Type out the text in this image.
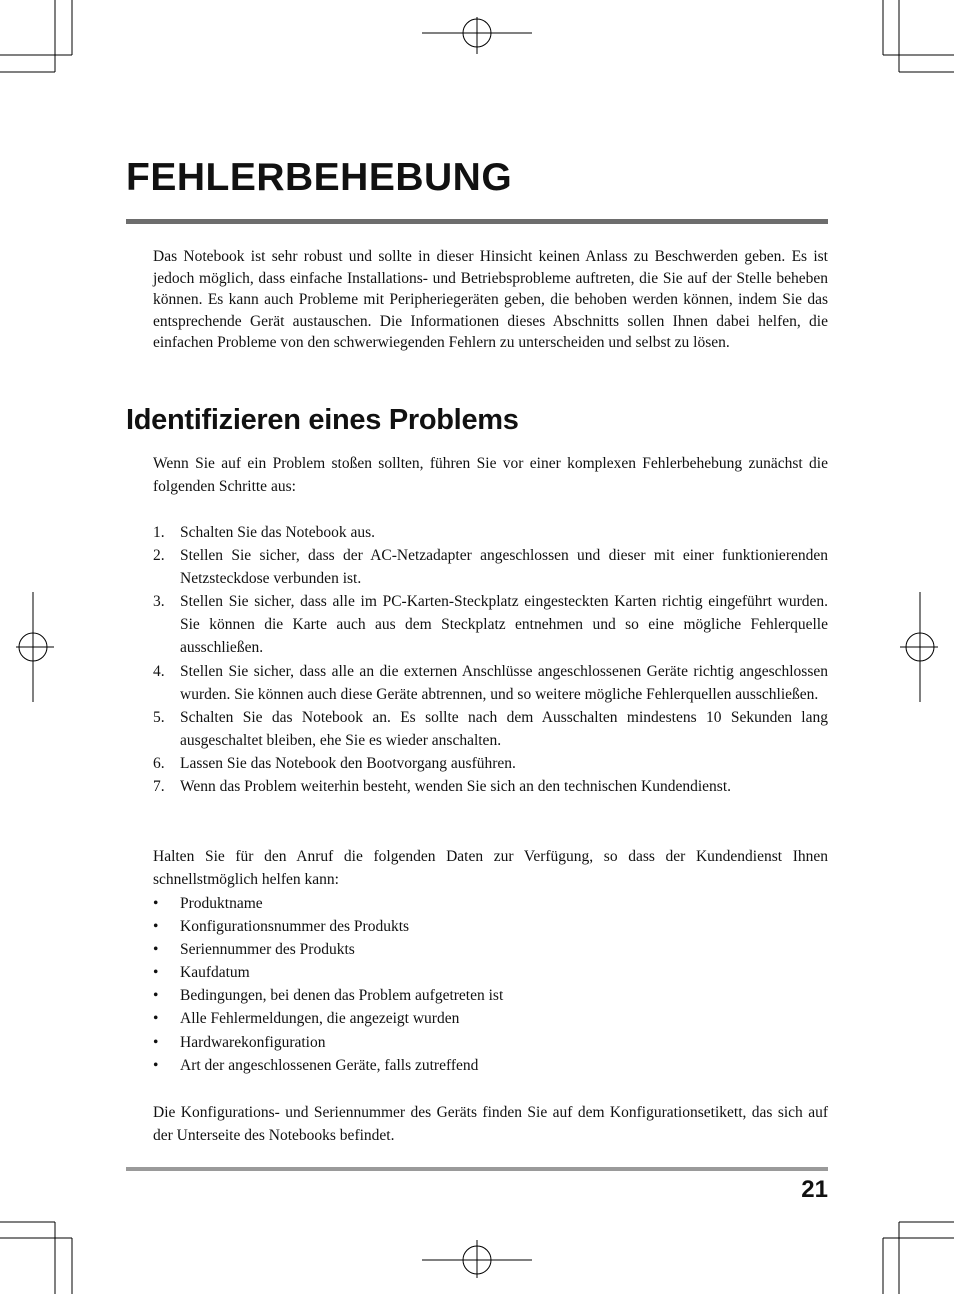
FEHLERBEHEBUNG

Das Notebook ist sehr robust und sollte in dieser Hinsicht keinen Anlass zu Beschwerden geben. Es ist jedoch möglich, dass einfache Installations- und Betriebsprobleme auftreten, die Sie auf der Stelle beheben können. Es kann auch Probleme mit Peripheriegeräten geben, die behoben werden können, indem Sie das entsprechende Gerät austauschen. Die Informationen dieses Abschnitts sollen Ihnen dabei helfen, die einfachen Probleme von den schwerwiegenden Fehlern zu unterscheiden und selbst zu lösen.

Identifizieren eines Problems

Wenn Sie auf ein Problem stoßen sollten, führen Sie vor einer komplexen Fehlerbehebung zunächst die folgenden Schritte aus:

1. Schalten Sie das Notebook aus.
2. Stellen Sie sicher, dass der AC-Netzadapter angeschlossen und dieser mit einer funktionierenden Netzsteckdose verbunden ist.
3. Stellen Sie sicher, dass alle im PC-Karten-Steckplatz eingesteckten Karten richtig eingeführt wurden. Sie können die Karte auch aus dem Steckplatz entnehmen und so eine mögliche Fehlerquelle ausschließen.
4. Stellen Sie sicher, dass alle an die externen Anschlüsse angeschlossenen Geräte richtig angeschlossen wurden. Sie können auch diese Geräte abtrennen, und so weitere mögliche Fehlerquellen ausschließen.
5. Schalten Sie das Notebook an. Es sollte nach dem Ausschalten mindestens 10 Sekunden lang ausgeschaltet bleiben, ehe Sie es wieder anschalten.
6. Lassen Sie das Notebook den Bootvorgang ausführen.
7. Wenn das Problem weiterhin besteht, wenden Sie sich an den technischen Kundendienst.

Halten Sie für den Anruf die folgenden Daten zur Verfügung, so dass der Kundendienst Ihnen schnellstmöglich helfen kann:

• Produktname
• Konfigurationsnummer des Produkts
• Seriennummer des Produkts
• Kaufdatum
• Bedingungen, bei denen das Problem aufgetreten ist
• Alle Fehlermeldungen, die angezeigt wurden
• Hardwarekonfiguration
• Art der angeschlossenen Geräte, falls zutreffend

Die Konfigurations- und Seriennummer des Geräts finden Sie auf dem Konfigurationsetikett, das sich auf der Unterseite des Notebooks befindet.

21
